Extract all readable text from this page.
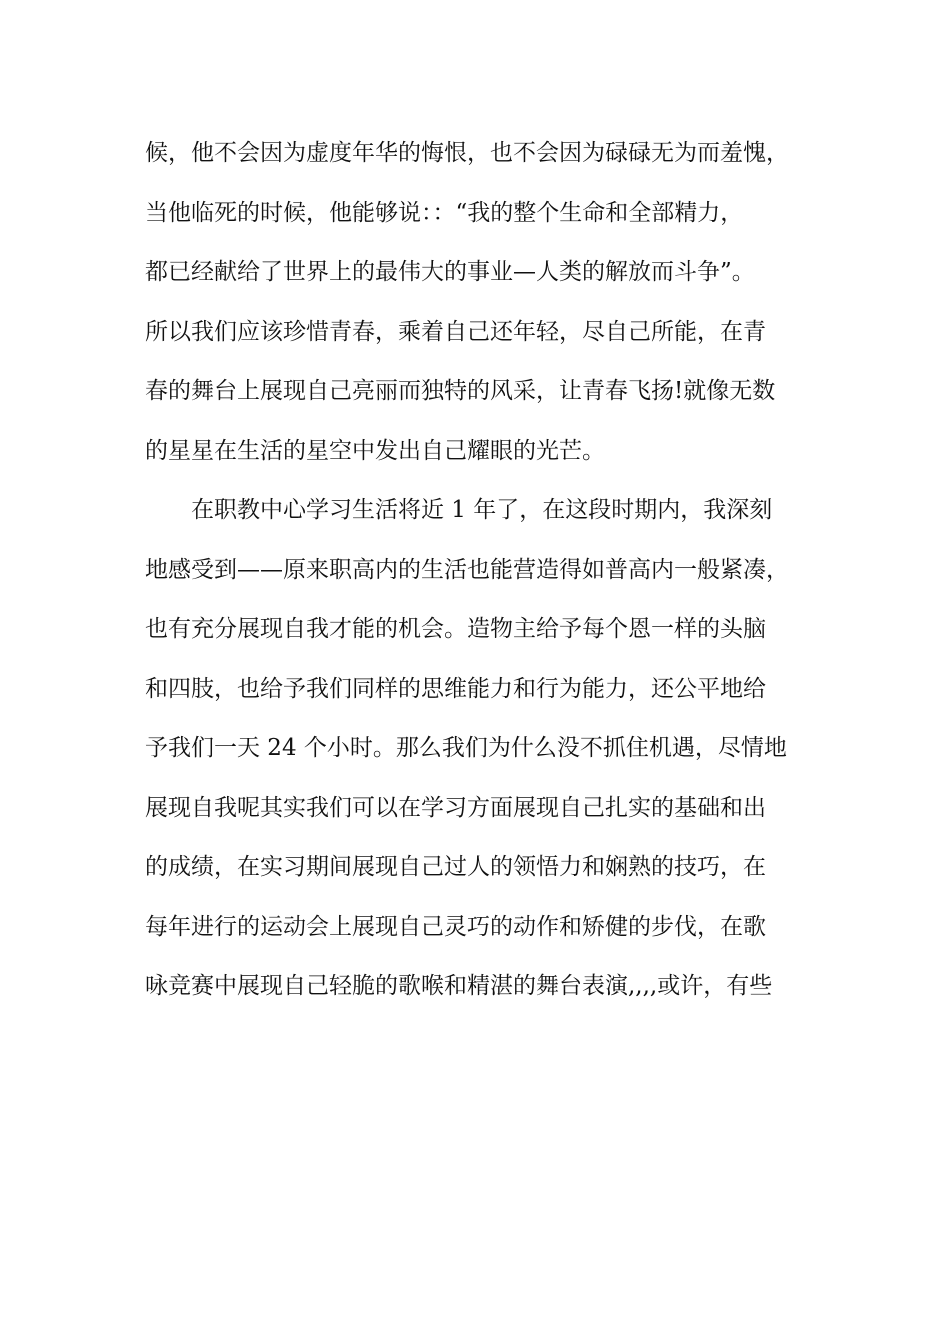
候，他不会因为虚度年华的悔恨，也不会因为碌碌无为而羞愧，
当他临死的时候，他能够说：：“我的整个生命和全部精力，
都已经献给了世界上的最伟大的事业—人类的解放而斗争”。
所以我们应该珍惜青春，乘着自己还年轻，尽自己所能，在青
春的舞台上展现自己亮丽而独特的风采，让青春飞扬!就像无数
的星星在生活的星空中发出自己耀眼的光芒。
　　在职教中心学习生活将近 1 年了，在这段时期内，我深刻
地感受到——原来职高内的生活也能营造得如普高内一般紧凑，
也有充分展现自我才能的机会。造物主给予每个恩一样的头脑
和四肢，也给予我们同样的思维能力和行为能力，还公平地给
予我们一天 24 个小时。那么我们为什么没不抓住机遇，尽情地
展现自我呢其实我们可以在学习方面展现自己扎实的基础和出
的成绩，在实习期间展现自己过人的领悟力和娴熟的技巧，在
每年进行的运动会上展现自己灵巧的动作和矫健的步伐，在歌
咏竞赛中展现自己轻脆的歌喉和精湛的舞台表演,,,,或许，有些
